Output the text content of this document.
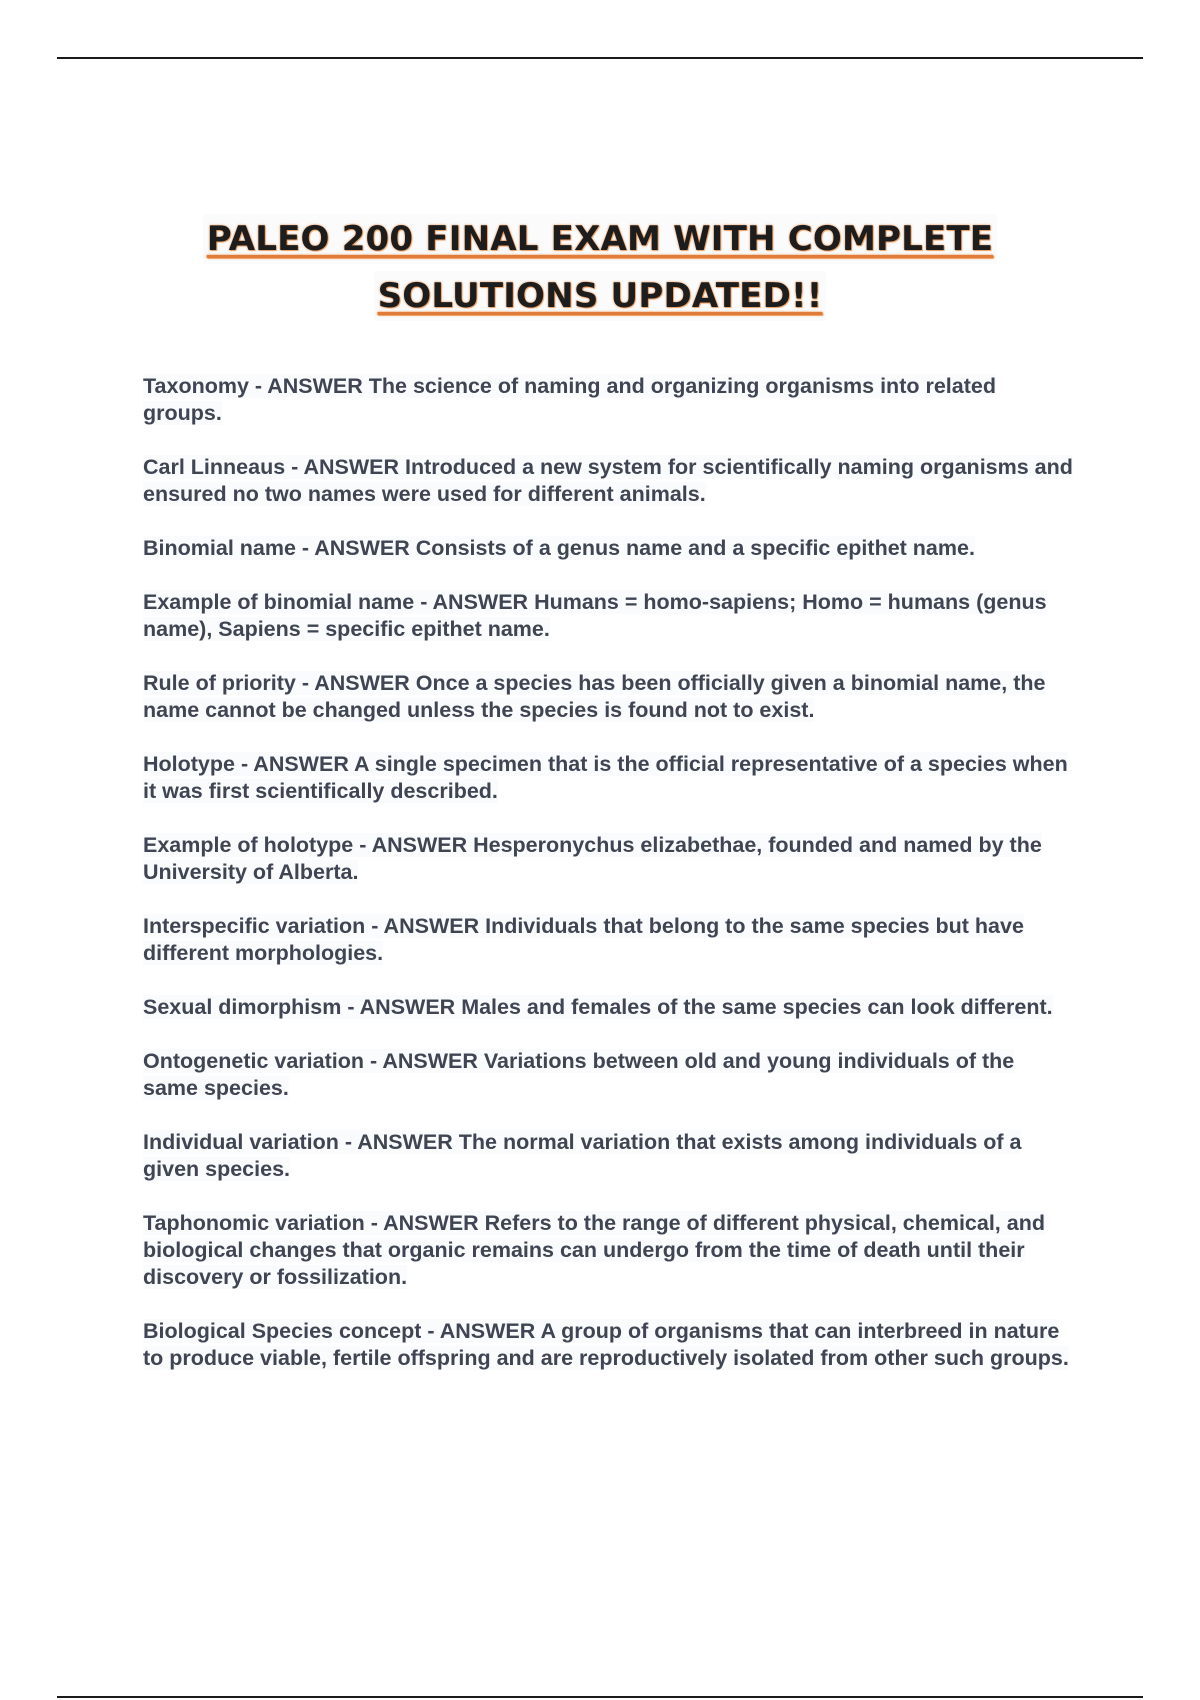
PALEO 200 FINAL EXAM WITH COMPLETE
SOLUTIONS UPDATED!!

Taxonomy - ANSWER The science of naming and organizing organisms into related groups.

Carl Linneaus - ANSWER Introduced a new system for scientifically naming organisms and ensured no two names were used for different animals.

Binomial name - ANSWER Consists of a genus name and a specific epithet name.

Example of binomial name - ANSWER Humans = homo-sapiens; Homo = humans (genus name), Sapiens = specific epithet name.

Rule of priority - ANSWER Once a species has been officially given a binomial name, the name cannot be changed unless the species is found not to exist.

Holotype - ANSWER A single specimen that is the official representative of a species when it was first scientifically described.

Example of holotype - ANSWER Hesperonychus elizabethae, founded and named by the University of Alberta.

Interspecific variation - ANSWER Individuals that belong to the same species but have different morphologies.

Sexual dimorphism - ANSWER Males and females of the same species can look different.

Ontogenetic variation - ANSWER Variations between old and young individuals of the same species.

Individual variation - ANSWER The normal variation that exists among individuals of a given species.

Taphonomic variation - ANSWER Refers to the range of different physical, chemical, and biological changes that organic remains can undergo from the time of death until their discovery or fossilization.

Biological Species concept - ANSWER A group of organisms that can interbreed in nature to produce viable, fertile offspring and are reproductively isolated from other such groups.
